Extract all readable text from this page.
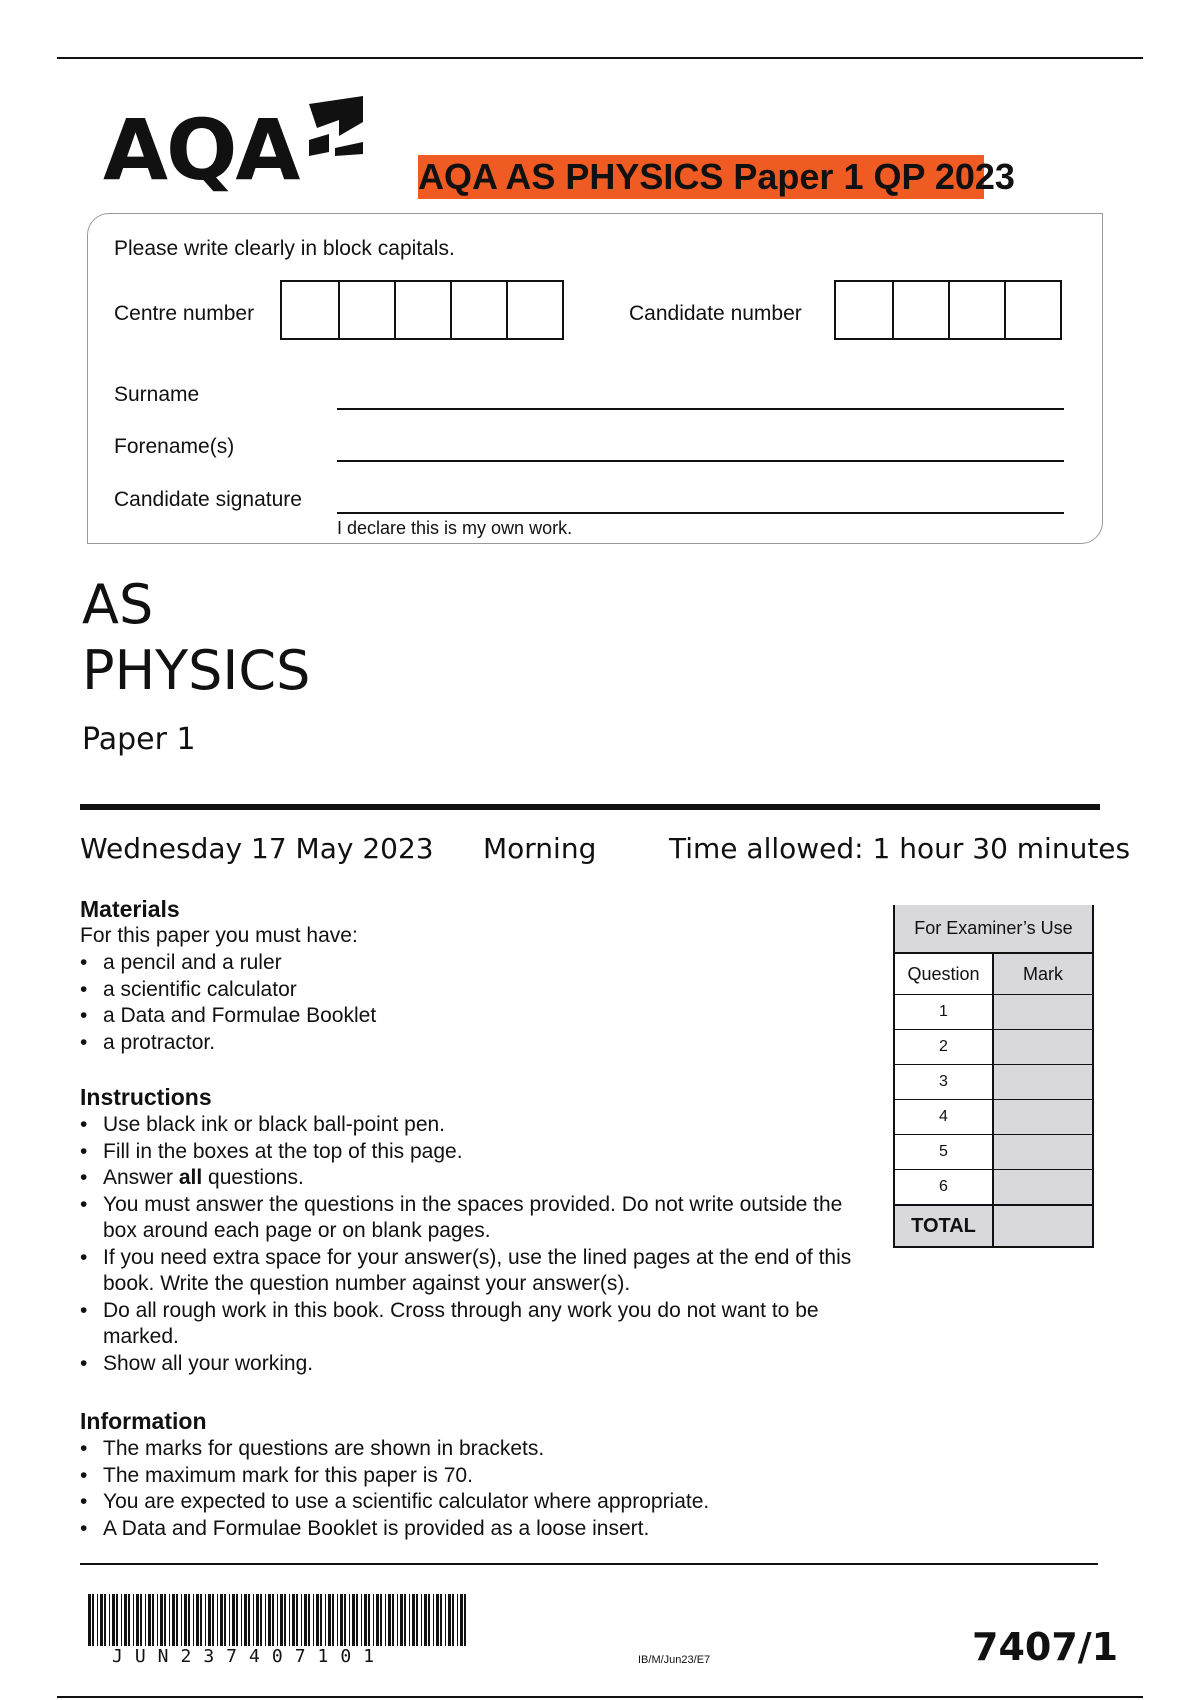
AQA	AQA AS PHYSICS Paper 1 QP 2023
Please write clearly in block capitals.
Centre number	Candidate number
Surname
Forename(s)
Candidate signature
I declare this is my own work.
AS
PHYSICS
Paper 1
Wednesday 17 May 2023 Morning	Time allowed: 1 hour 30 minutes
Materials
For this paper you must have:
• a pencil and a ruler
• a scientific calculator
• a Data and Formulae Booklet
• a protractor.
Instructions
• Use black ink or black ball-point pen.
• Fill in the boxes at the top of this page.
• Answer all questions.
• You must answer the questions in the spaces provided. Do not write outside the box around each page or on blank pages.
• If you need extra space for your answer(s), use the lined pages at the end of this book. Write the question number against your answer(s).
• Do all rough work in this book. Cross through any work you do not want to be marked.
• Show all your working.
Information
• The marks for questions are shown in brackets.
• The maximum mark for this paper is 70.
• You are expected to use a scientific calculator where appropriate.
• A Data and Formulae Booklet is provided as a loose insert.
For Examiner’s Use
Question	Mark
1
2
3
4
5
6
TOTAL
JUN237407101	IB/M/Jun23/E7	7407/1
